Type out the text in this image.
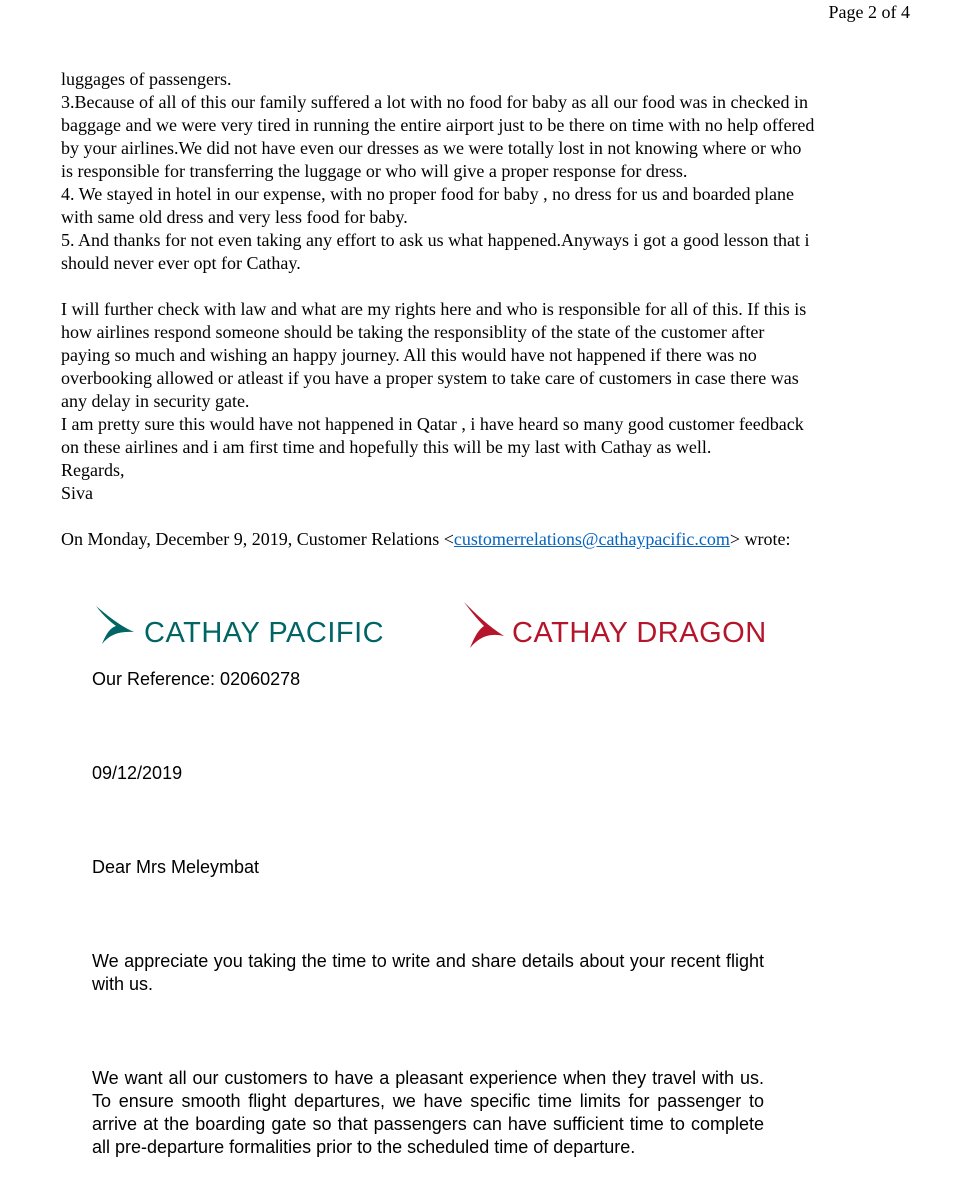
Page 2 of 4

luggages of passengers.

3.Because of all of this our family suffered a lot with no food for baby as all our food was in checked in

baggage and we were very tired in running the entire airport just to be there on time with no help offered

by your airlines.We did not have even our dresses as we were totally lost in not knowing where or who

is responsible for transferring the luggage or who will give a proper response for dress.

4. We stayed in hotel in our expense, with no proper food for baby , no dress for us and boarded plane

with same old dress and very less food for baby.

5. And thanks for not even taking any effort to ask us what happened.Anyways i got a good lesson that i

should never ever opt for Cathay.

I will further check with law and what are my rights here and who is responsible for all of this. If this is

how airlines respond someone should be taking the responsiblity of the state of the customer after

paying so much and wishing an happy journey. All this would have not happened if there was no

overbooking allowed or atleast if you have a proper system to take care of customers in case there was

any delay in security gate.

I am pretty sure this would have not happened in Qatar , i have heard so many good customer feedback

on these airlines and i am first time and hopefully this will be my last with Cathay as well.

Regards,

Siva

On Monday, December 9, 2019, Customer Relations <customerrelations@cathaypacific.com> wrote:

CATHAY PACIFIC	CATHAY DRAGON
Our Reference: 02060278
09/12/2019
Dear Mrs Meleymbat
We appreciate you taking the time to write and share details about your recent flight with us.
We want all our customers to have a pleasant experience when they travel with us. To ensure smooth flight departures, we have specific time limits for passenger to arrive at the boarding gate so that passengers can have sufficient time to complete all pre-departure formalities prior to the scheduled time of departure.
